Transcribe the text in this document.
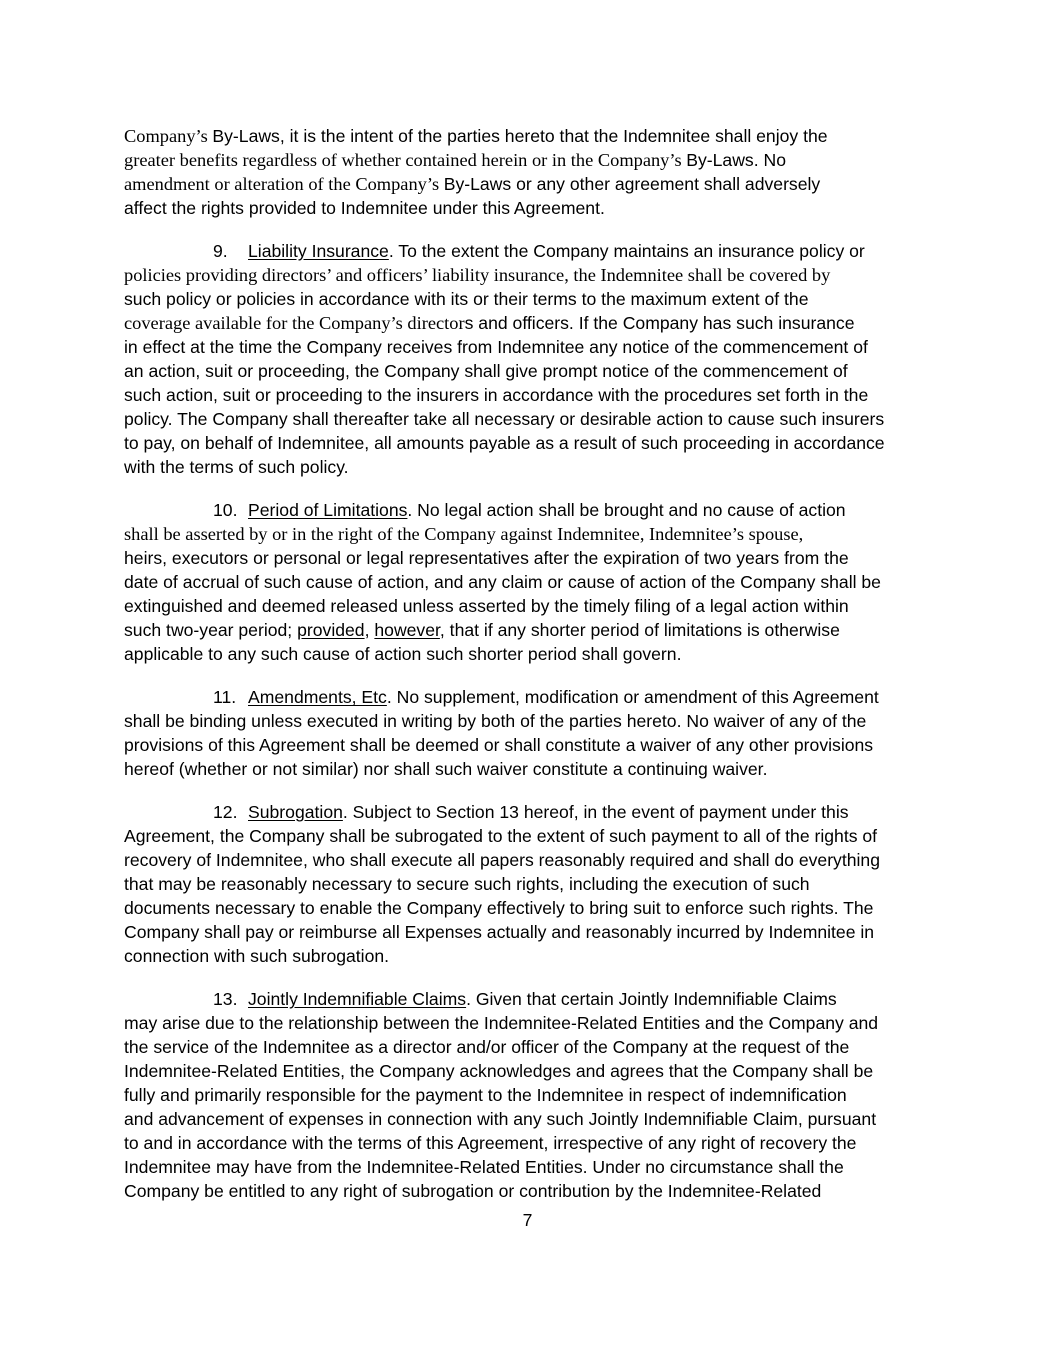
Company’s By-Laws, it is the intent of the parties hereto that the Indemnitee shall enjoy the
greater benefits regardless of whether contained herein or in the Company’s By-Laws. No
amendment or alteration of the Company’s By-Laws or any other agreement shall adversely
affect the rights provided to Indemnitee under this Agreement.
9. Liability Insurance. To the extent the Company maintains an insurance policy or
policies providing directors’ and officers’ liability insurance, the Indemnitee shall be covered by
such policy or policies in accordance with its or their terms to the maximum extent of the
coverage available for the Company’s directors and officers. If the Company has such insurance
in effect at the time the Company receives from Indemnitee any notice of the commencement of
an action, suit or proceeding, the Company shall give prompt notice of the commencement of
such action, suit or proceeding to the insurers in accordance with the procedures set forth in the
policy. The Company shall thereafter take all necessary or desirable action to cause such insurers
to pay, on behalf of Indemnitee, all amounts payable as a result of such proceeding in accordance
with the terms of such policy.
10. Period of Limitations. No legal action shall be brought and no cause of action
shall be asserted by or in the right of the Company against Indemnitee, Indemnitee’s spouse,
heirs, executors or personal or legal representatives after the expiration of two years from the
date of accrual of such cause of action, and any claim or cause of action of the Company shall be
extinguished and deemed released unless asserted by the timely filing of a legal action within
such two-year period; provided, however, that if any shorter period of limitations is otherwise
applicable to any such cause of action such shorter period shall govern.
11. Amendments, Etc. No supplement, modification or amendment of this Agreement
shall be binding unless executed in writing by both of the parties hereto. No waiver of any of the
provisions of this Agreement shall be deemed or shall constitute a waiver of any other provisions
hereof (whether or not similar) nor shall such waiver constitute a continuing waiver.
12. Subrogation. Subject to Section 13 hereof, in the event of payment under this
Agreement, the Company shall be subrogated to the extent of such payment to all of the rights of
recovery of Indemnitee, who shall execute all papers reasonably required and shall do everything
that may be reasonably necessary to secure such rights, including the execution of such
documents necessary to enable the Company effectively to bring suit to enforce such rights. The
Company shall pay or reimburse all Expenses actually and reasonably incurred by Indemnitee in
connection with such subrogation.
13. Jointly Indemnifiable Claims. Given that certain Jointly Indemnifiable Claims
may arise due to the relationship between the Indemnitee-Related Entities and the Company and
the service of the Indemnitee as a director and/or officer of the Company at the request of the
Indemnitee-Related Entities, the Company acknowledges and agrees that the Company shall be
fully and primarily responsible for the payment to the Indemnitee in respect of indemnification
and advancement of expenses in connection with any such Jointly Indemnifiable Claim, pursuant
to and in accordance with the terms of this Agreement, irrespective of any right of recovery the
Indemnitee may have from the Indemnitee-Related Entities. Under no circumstance shall the
Company be entitled to any right of subrogation or contribution by the Indemnitee-Related
7
